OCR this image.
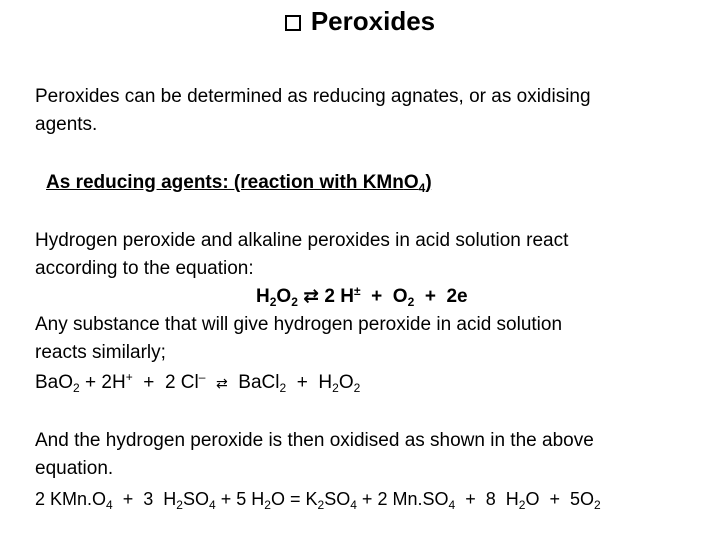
Peroxides
Peroxides can be determined as reducing agnates, or as oxidising
agents.
As reducing agents: (reaction with KMnO$_4$)
Hydrogen peroxide and alkaline peroxides in acid solution react
according to the equation:
$H_2O_2$ ⇄ 2 $H^\pm + O_2 + 2e$
Any substance that will give hydrogen peroxide in acid solution
reacts similarly;
BaO$_2$ + 2H+ + 2 Cl– ⇄ BaCl$_2$ + $H_2O_2$
And the hydrogen peroxide is then oxidised as shown in the above
equation.
2 $KMn.O_4 + 3$ $H_2SO_4 + 5$ $H_2O = K_2SO_4 + 2$ $Mn.SO_4 + 8$ $H_2O + 5O_2$
